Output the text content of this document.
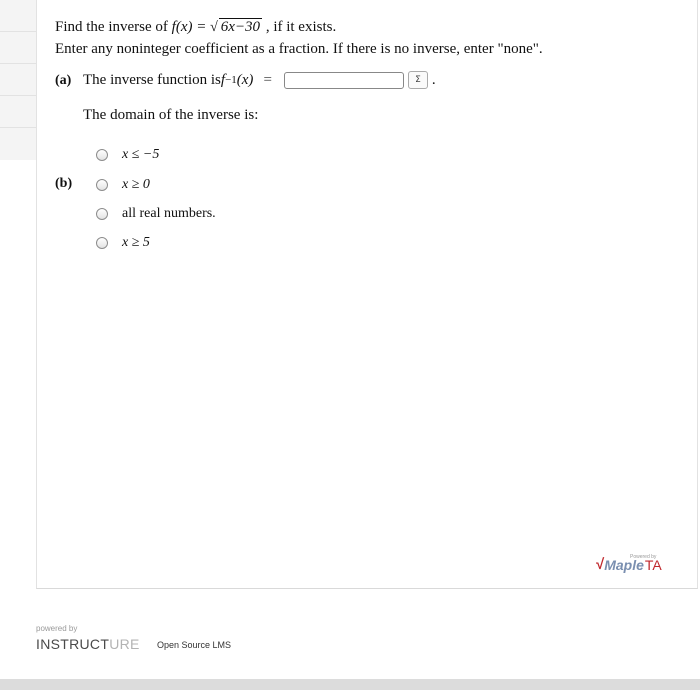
Find the inverse of f(x) = √ 6x−30 , if it exists.
Enter any noninteger coefficient as a fraction. If there is no inverse, enter "none".
(a) The inverse function is f −1 (x) =	Σ .
The domain of the inverse is:
(b)
x ≤ −5
x ≥ 0
all real numbers.
x ≥ 5
Powered by
√ Maple TA
powered by
INSTRUCTURE Open Source LMS
